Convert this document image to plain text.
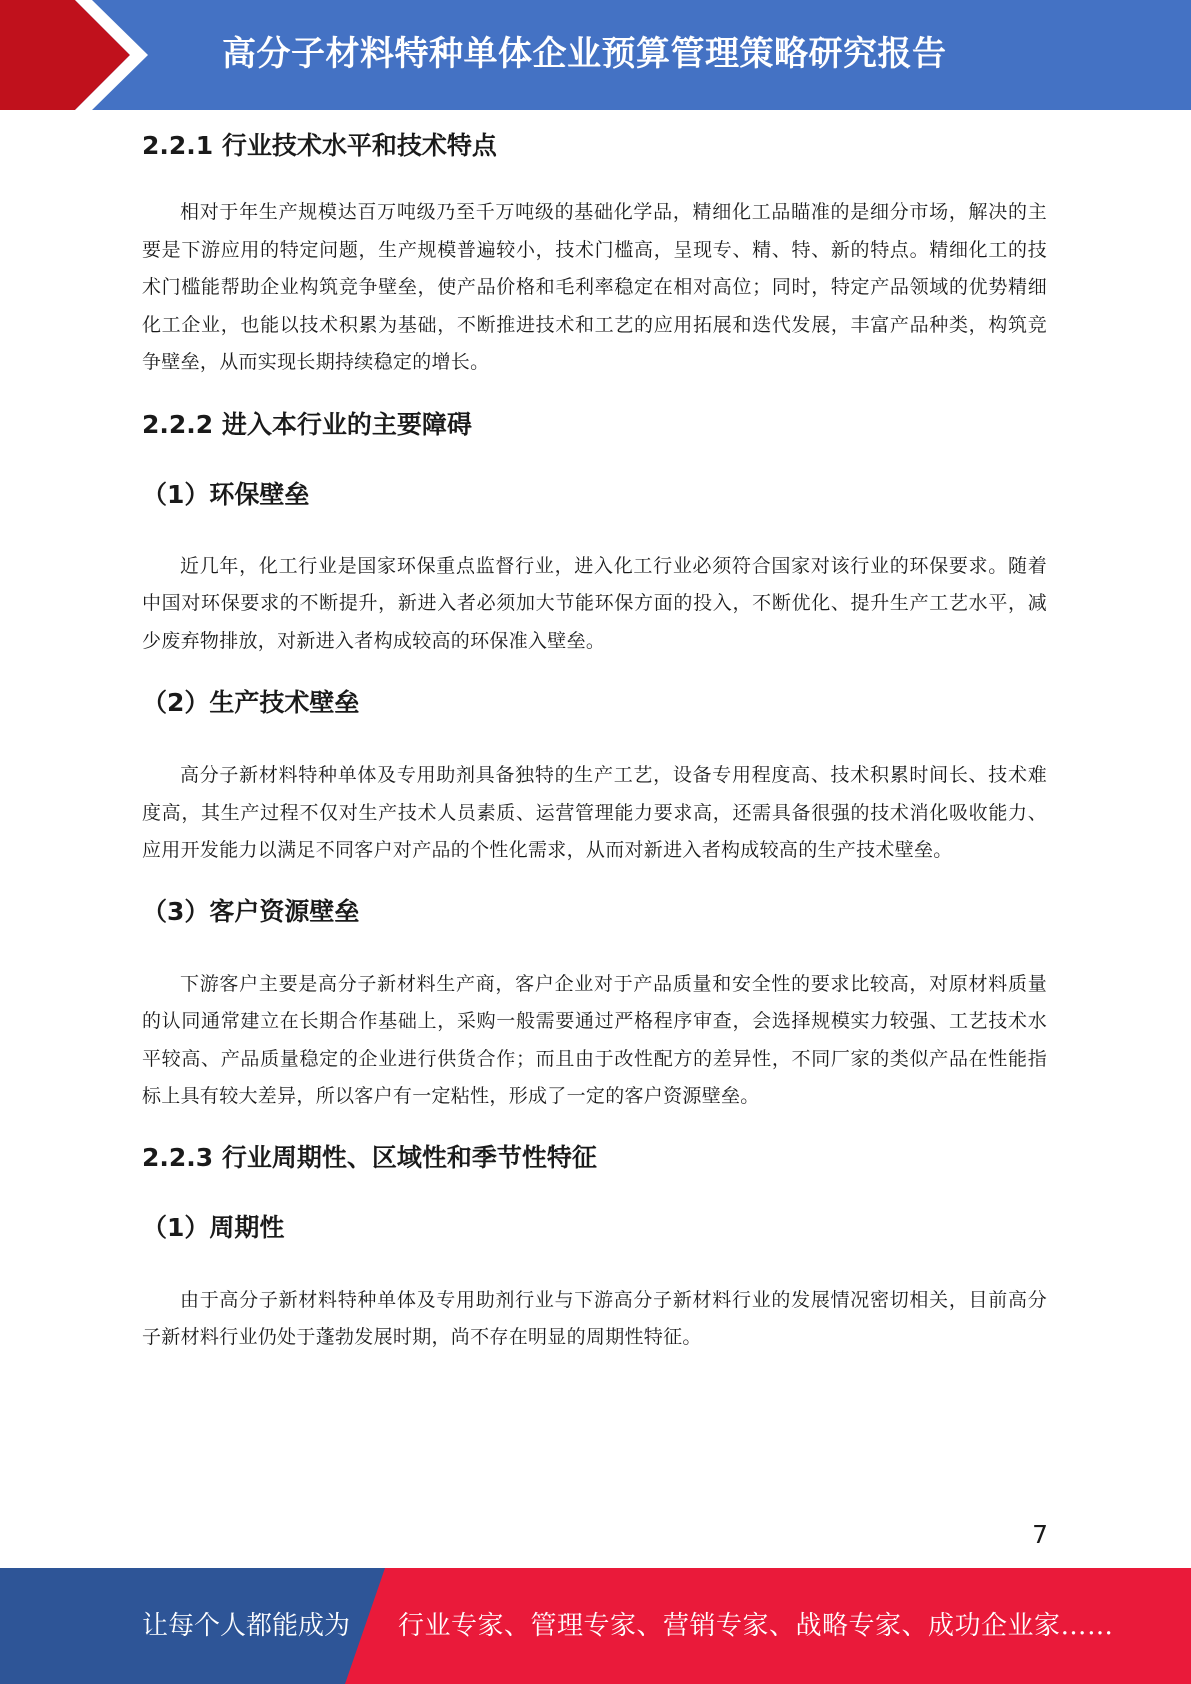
高分子材料特种单体企业预算管理策略研究报告
2.2.1 行业技术水平和技术特点

相对于年生产规模达百万吨级乃至千万吨级的基础化学品，精细化工品瞄准的是细分市场，解决的主要是下游应用的特定问题，生产规模普遍较小，技术门槛高，呈现专、精、特、新的特点。精细化工的技术门槛能帮助企业构筑竞争壁垒，使产品价格和毛利率稳定在相对高位；同时，特定产品领域的优势精细化工企业，也能以技术积累为基础，不断推进技术和工艺的应用拓展和迭代发展，丰富产品种类，构筑竞争壁垒，从而实现长期持续稳定的增长。

2.2.2 进入本行业的主要障碍
（1）环保壁垒

近几年，化工行业是国家环保重点监督行业，进入化工行业必须符合国家对该行业的环保要求。随着中国对环保要求的不断提升，新进入者必须加大节能环保方面的投入，不断优化、提升生产工艺水平，减少废弃物排放，对新进入者构成较高的环保准入壁垒。

（2）生产技术壁垒

高分子新材料特种单体及专用助剂具备独特的生产工艺，设备专用程度高、技术积累时间长、技术难度高，其生产过程不仅对生产技术人员素质、运营管理能力要求高，还需具备很强的技术消化吸收能力、应用开发能力以满足不同客户对产品的个性化需求，从而对新进入者构成较高的生产技术壁垒。

（3）客户资源壁垒

下游客户主要是高分子新材料生产商，客户企业对于产品质量和安全性的要求比较高，对原材料质量的认同通常建立在长期合作基础上，采购一般需要通过严格程序审查，会选择规模实力较强、工艺技术水平较高、产品质量稳定的企业进行供货合作；而且由于改性配方的差异性，不同厂家的类似产品在性能指标上具有较大差异，所以客户有一定粘性，形成了一定的客户资源壁垒。

2.2.3 行业周期性、区域性和季节性特征
（1）周期性

由于高分子新材料特种单体及专用助剂行业与下游高分子新材料行业的发展情况密切相关，目前高分子新材料行业仍处于蓬勃发展时期，尚不存在明显的周期性特征。

7
让每个人都能成为 行业专家、管理专家、营销专家、战略专家、成功企业家……
